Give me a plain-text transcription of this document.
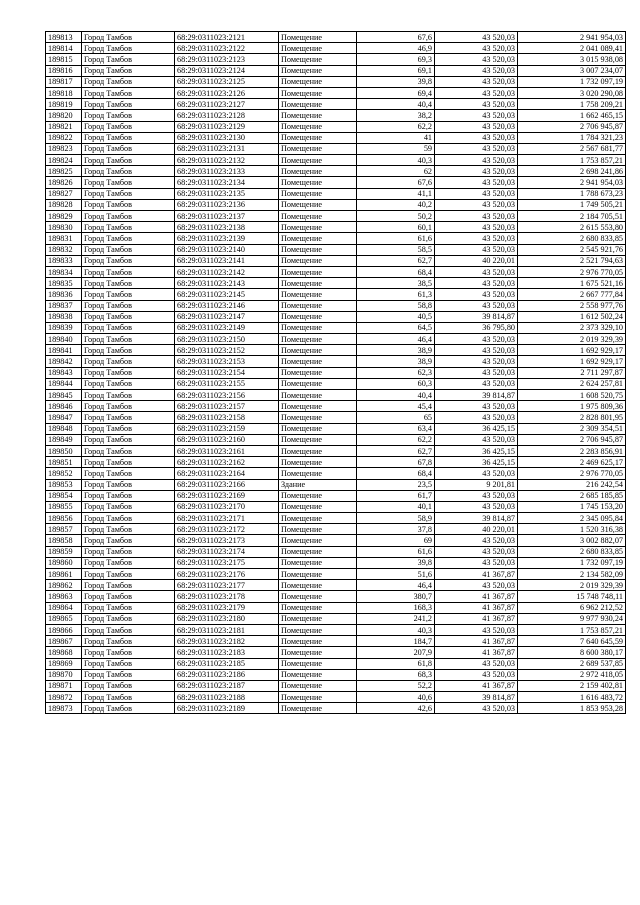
189813	Город Тамбов	68:29:0311023:2121	Помещение	67,6	43 520,03	2 941 954,03
189814	Город Тамбов	68:29:0311023:2122	Помещение	46,9	43 520,03	2 041 089,41
189815	Город Тамбов	68:29:0311023:2123	Помещение	69,3	43 520,03	3 015 938,08
189816	Город Тамбов	68:29:0311023:2124	Помещение	69,1	43 520,03	3 007 234,07
189817	Город Тамбов	68:29:0311023:2125	Помещение	39,8	43 520,03	1 732 097,19
189818	Город Тамбов	68:29:0311023:2126	Помещение	69,4	43 520,03	3 020 290,08
189819	Город Тамбов	68:29:0311023:2127	Помещение	40,4	43 520,03	1 758 209,21
189820	Город Тамбов	68:29:0311023:2128	Помещение	38,2	43 520,03	1 662 465,15
189821	Город Тамбов	68:29:0311023:2129	Помещение	62,2	43 520,03	2 706 945,87
189822	Город Тамбов	68:29:0311023:2130	Помещение	41	43 520,03	1 784 321,23
189823	Город Тамбов	68:29:0311023:2131	Помещение	59	43 520,03	2 567 681,77
189824	Город Тамбов	68:29:0311023:2132	Помещение	40,3	43 520,03	1 753 857,21
189825	Город Тамбов	68:29:0311023:2133	Помещение	62	43 520,03	2 698 241,86
189826	Город Тамбов	68:29:0311023:2134	Помещение	67,6	43 520,03	2 941 954,03
189827	Город Тамбов	68:29:0311023:2135	Помещение	41,1	43 520,03	1 788 673,23
189828	Город Тамбов	68:29:0311023:2136	Помещение	40,2	43 520,03	1 749 505,21
189829	Город Тамбов	68:29:0311023:2137	Помещение	50,2	43 520,03	2 184 705,51
189830	Город Тамбов	68:29:0311023:2138	Помещение	60,1	43 520,03	2 615 553,80
189831	Город Тамбов	68:29:0311023:2139	Помещение	61,6	43 520,03	2 680 833,85
189832	Город Тамбов	68:29:0311023:2140	Помещение	58,5	43 520,03	2 545 921,76
189833	Город Тамбов	68:29:0311023:2141	Помещение	62,7	40 220,01	2 521 794,63
189834	Город Тамбов	68:29:0311023:2142	Помещение	68,4	43 520,03	2 976 770,05
189835	Город Тамбов	68:29:0311023:2143	Помещение	38,5	43 520,03	1 675 521,16
189836	Город Тамбов	68:29:0311023:2145	Помещение	61,3	43 520,03	2 667 777,84
189837	Город Тамбов	68:29:0311023:2146	Помещение	58,8	43 520,03	2 558 977,76
189838	Город Тамбов	68:29:0311023:2147	Помещение	40,5	39 814,87	1 612 502,24
189839	Город Тамбов	68:29:0311023:2149	Помещение	64,5	36 795,80	2 373 329,10
189840	Город Тамбов	68:29:0311023:2150	Помещение	46,4	43 520,03	2 019 329,39
189841	Город Тамбов	68:29:0311023:2152	Помещение	38,9	43 520,03	1 692 929,17
189842	Город Тамбов	68:29:0311023:2153	Помещение	38,9	43 520,03	1 692 929,17
189843	Город Тамбов	68:29:0311023:2154	Помещение	62,3	43 520,03	2 711 297,87
189844	Город Тамбов	68:29:0311023:2155	Помещение	60,3	43 520,03	2 624 257,81
189845	Город Тамбов	68:29:0311023:2156	Помещение	40,4	39 814,87	1 608 520,75
189846	Город Тамбов	68:29:0311023:2157	Помещение	45,4	43 520,03	1 975 809,36
189847	Город Тамбов	68:29:0311023:2158	Помещение	65	43 520,03	2 828 801,95
189848	Город Тамбов	68:29:0311023:2159	Помещение	63,4	36 425,15	2 309 354,51
189849	Город Тамбов	68:29:0311023:2160	Помещение	62,2	43 520,03	2 706 945,87
189850	Город Тамбов	68:29:0311023:2161	Помещение	62,7	36 425,15	2 283 856,91
189851	Город Тамбов	68:29:0311023:2162	Помещение	67,8	36 425,15	2 469 625,17
189852	Город Тамбов	68:29:0311023:2164	Помещение	68,4	43 520,03	2 976 770,05
189853	Город Тамбов	68:29:0311023:2166	Здание	23,5	9 201,81	216 242,54
189854	Город Тамбов	68:29:0311023:2169	Помещение	61,7	43 520,03	2 685 185,85
189855	Город Тамбов	68:29:0311023:2170	Помещение	40,1	43 520,03	1 745 153,20
189856	Город Тамбов	68:29:0311023:2171	Помещение	58,9	39 814,87	2 345 095,84
189857	Город Тамбов	68:29:0311023:2172	Помещение	37,8	40 220,01	1 520 316,38
189858	Город Тамбов	68:29:0311023:2173	Помещение	69	43 520,03	3 002 882,07
189859	Город Тамбов	68:29:0311023:2174	Помещение	61,6	43 520,03	2 680 833,85
189860	Город Тамбов	68:29:0311023:2175	Помещение	39,8	43 520,03	1 732 097,19
189861	Город Тамбов	68:29:0311023:2176	Помещение	51,6	41 367,87	2 134 582,09
189862	Город Тамбов	68:29:0311023:2177	Помещение	46,4	43 520,03	2 019 329,39
189863	Город Тамбов	68:29:0311023:2178	Помещение	380,7	41 367,87	15 748 748,11
189864	Город Тамбов	68:29:0311023:2179	Помещение	168,3	41 367,87	6 962 212,52
189865	Город Тамбов	68:29:0311023:2180	Помещение	241,2	41 367,87	9 977 930,24
189866	Город Тамбов	68:29:0311023:2181	Помещение	40,3	43 520,03	1 753 857,21
189867	Город Тамбов	68:29:0311023:2182	Помещение	184,7	41 367,87	7 640 645,59
189868	Город Тамбов	68:29:0311023:2183	Помещение	207,9	41 367,87	8 600 380,17
189869	Город Тамбов	68:29:0311023:2185	Помещение	61,8	43 520,03	2 689 537,85
189870	Город Тамбов	68:29:0311023:2186	Помещение	68,3	43 520,03	2 972 418,05
189871	Город Тамбов	68:29:0311023:2187	Помещение	52,2	41 367,87	2 159 402,81
189872	Город Тамбов	68:29:0311023:2188	Помещение	40,6	39 814,87	1 616 483,72
189873	Город Тамбов	68:29:0311023:2189	Помещение	42,6	43 520,03	1 853 953,28
